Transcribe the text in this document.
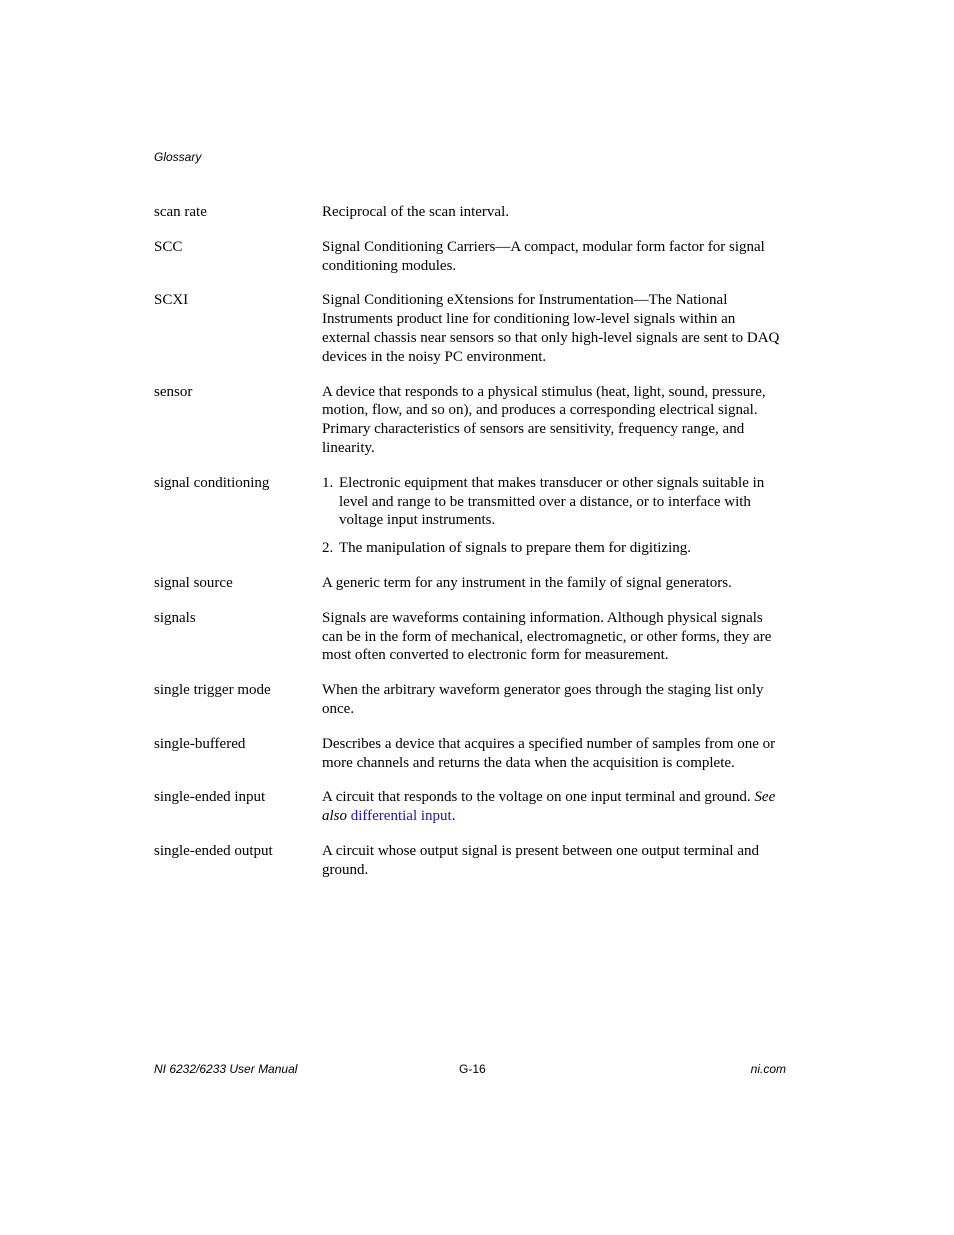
Glossary
scan rate	Reciprocal of the scan interval.
SCC	Signal Conditioning Carriers—A compact, modular form factor for signal conditioning modules.
SCXI	Signal Conditioning eXtensions for Instrumentation—The National Instruments product line for conditioning low-level signals within an external chassis near sensors so that only high-level signals are sent to DAQ devices in the noisy PC environment.
sensor	A device that responds to a physical stimulus (heat, light, sound, pressure, motion, flow, and so on), and produces a corresponding electrical signal. Primary characteristics of sensors are sensitivity, frequency range, and linearity.
signal conditioning	1. Electronic equipment that makes transducer or other signals suitable in level and range to be transmitted over a distance, or to interface with voltage input instruments.
2. The manipulation of signals to prepare them for digitizing.
signal source	A generic term for any instrument in the family of signal generators.
signals	Signals are waveforms containing information. Although physical signals can be in the form of mechanical, electromagnetic, or other forms, they are most often converted to electronic form for measurement.
single trigger mode	When the arbitrary waveform generator goes through the staging list only once.
single-buffered	Describes a device that acquires a specified number of samples from one or more channels and returns the data when the acquisition is complete.
single-ended input	A circuit that responds to the voltage on one input terminal and ground. See also differential input.
single-ended output	A circuit whose output signal is present between one output terminal and ground.
NI 6232/6233 User Manual	G-16	ni.com
